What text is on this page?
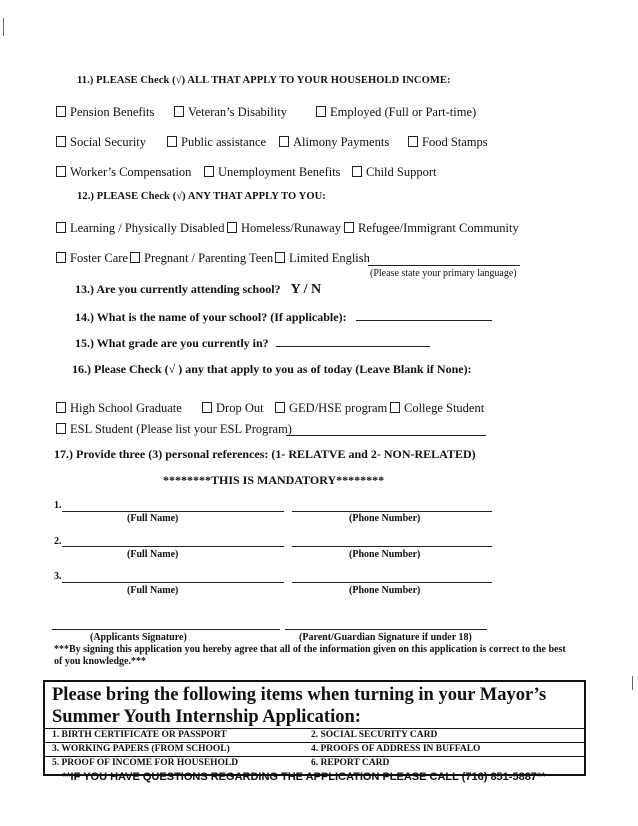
11.) PLEASE Check (√) ALL THAT APPLY TO YOUR HOUSEHOLD INCOME:
Pension Benefits	Veteran’s Disability	Employed (Full or Part-time)
Social Security	Public assistance	Alimony Payments	Food Stamps
Worker’s Compensation	Unemployment Benefits	Child Support
12.) PLEASE Check (√) ANY THAT APPLY TO YOU:
Learning / Physically Disabled	Homeless/Runaway	Refugee/Immigrant Community
Foster Care	Pregnant / Parenting Teen	Limited English
(Please state your primary language)
13.) Are you currently attending school? Y / N
14.) What is the name of your school? (If applicable):
15.) What grade are you currently in?
16.) Please Check (√ ) any that apply to you as of today (Leave Blank if None):
High School Graduate	Drop Out	GED/HSE program	College Student
ESL Student (Please list your ESL Program)
17.) Provide three (3) personal references: (1- RELATVE and 2- NON-RELATED)
********THIS IS MANDATORY********
1.
(Full Name)	(Phone Number)
2.
(Full Name)	(Phone Number)
3.
(Full Name)	(Phone Number)
(Applicants Signature)	(Parent/Guardian Signature if under 18)
***By signing this application you hereby agree that all of the information given on this application is correct to the best of you knowledge.***
Please bring the following items when turning in your Mayor’s Summer Youth Internship Application:
1. BIRTH CERTIFICATE OR PASSPORT	2. SOCIAL SECURITY CARD
3. WORKING PAPERS (FROM SCHOOL)	4. PROOFS OF ADDRESS IN BUFFALO
5. PROOF OF INCOME FOR HOUSEHOLD	6. REPORT CARD
**IF YOU HAVE QUESTIONS REGARDING THE APPLICATION PLEASE CALL (716) 851-5887**
